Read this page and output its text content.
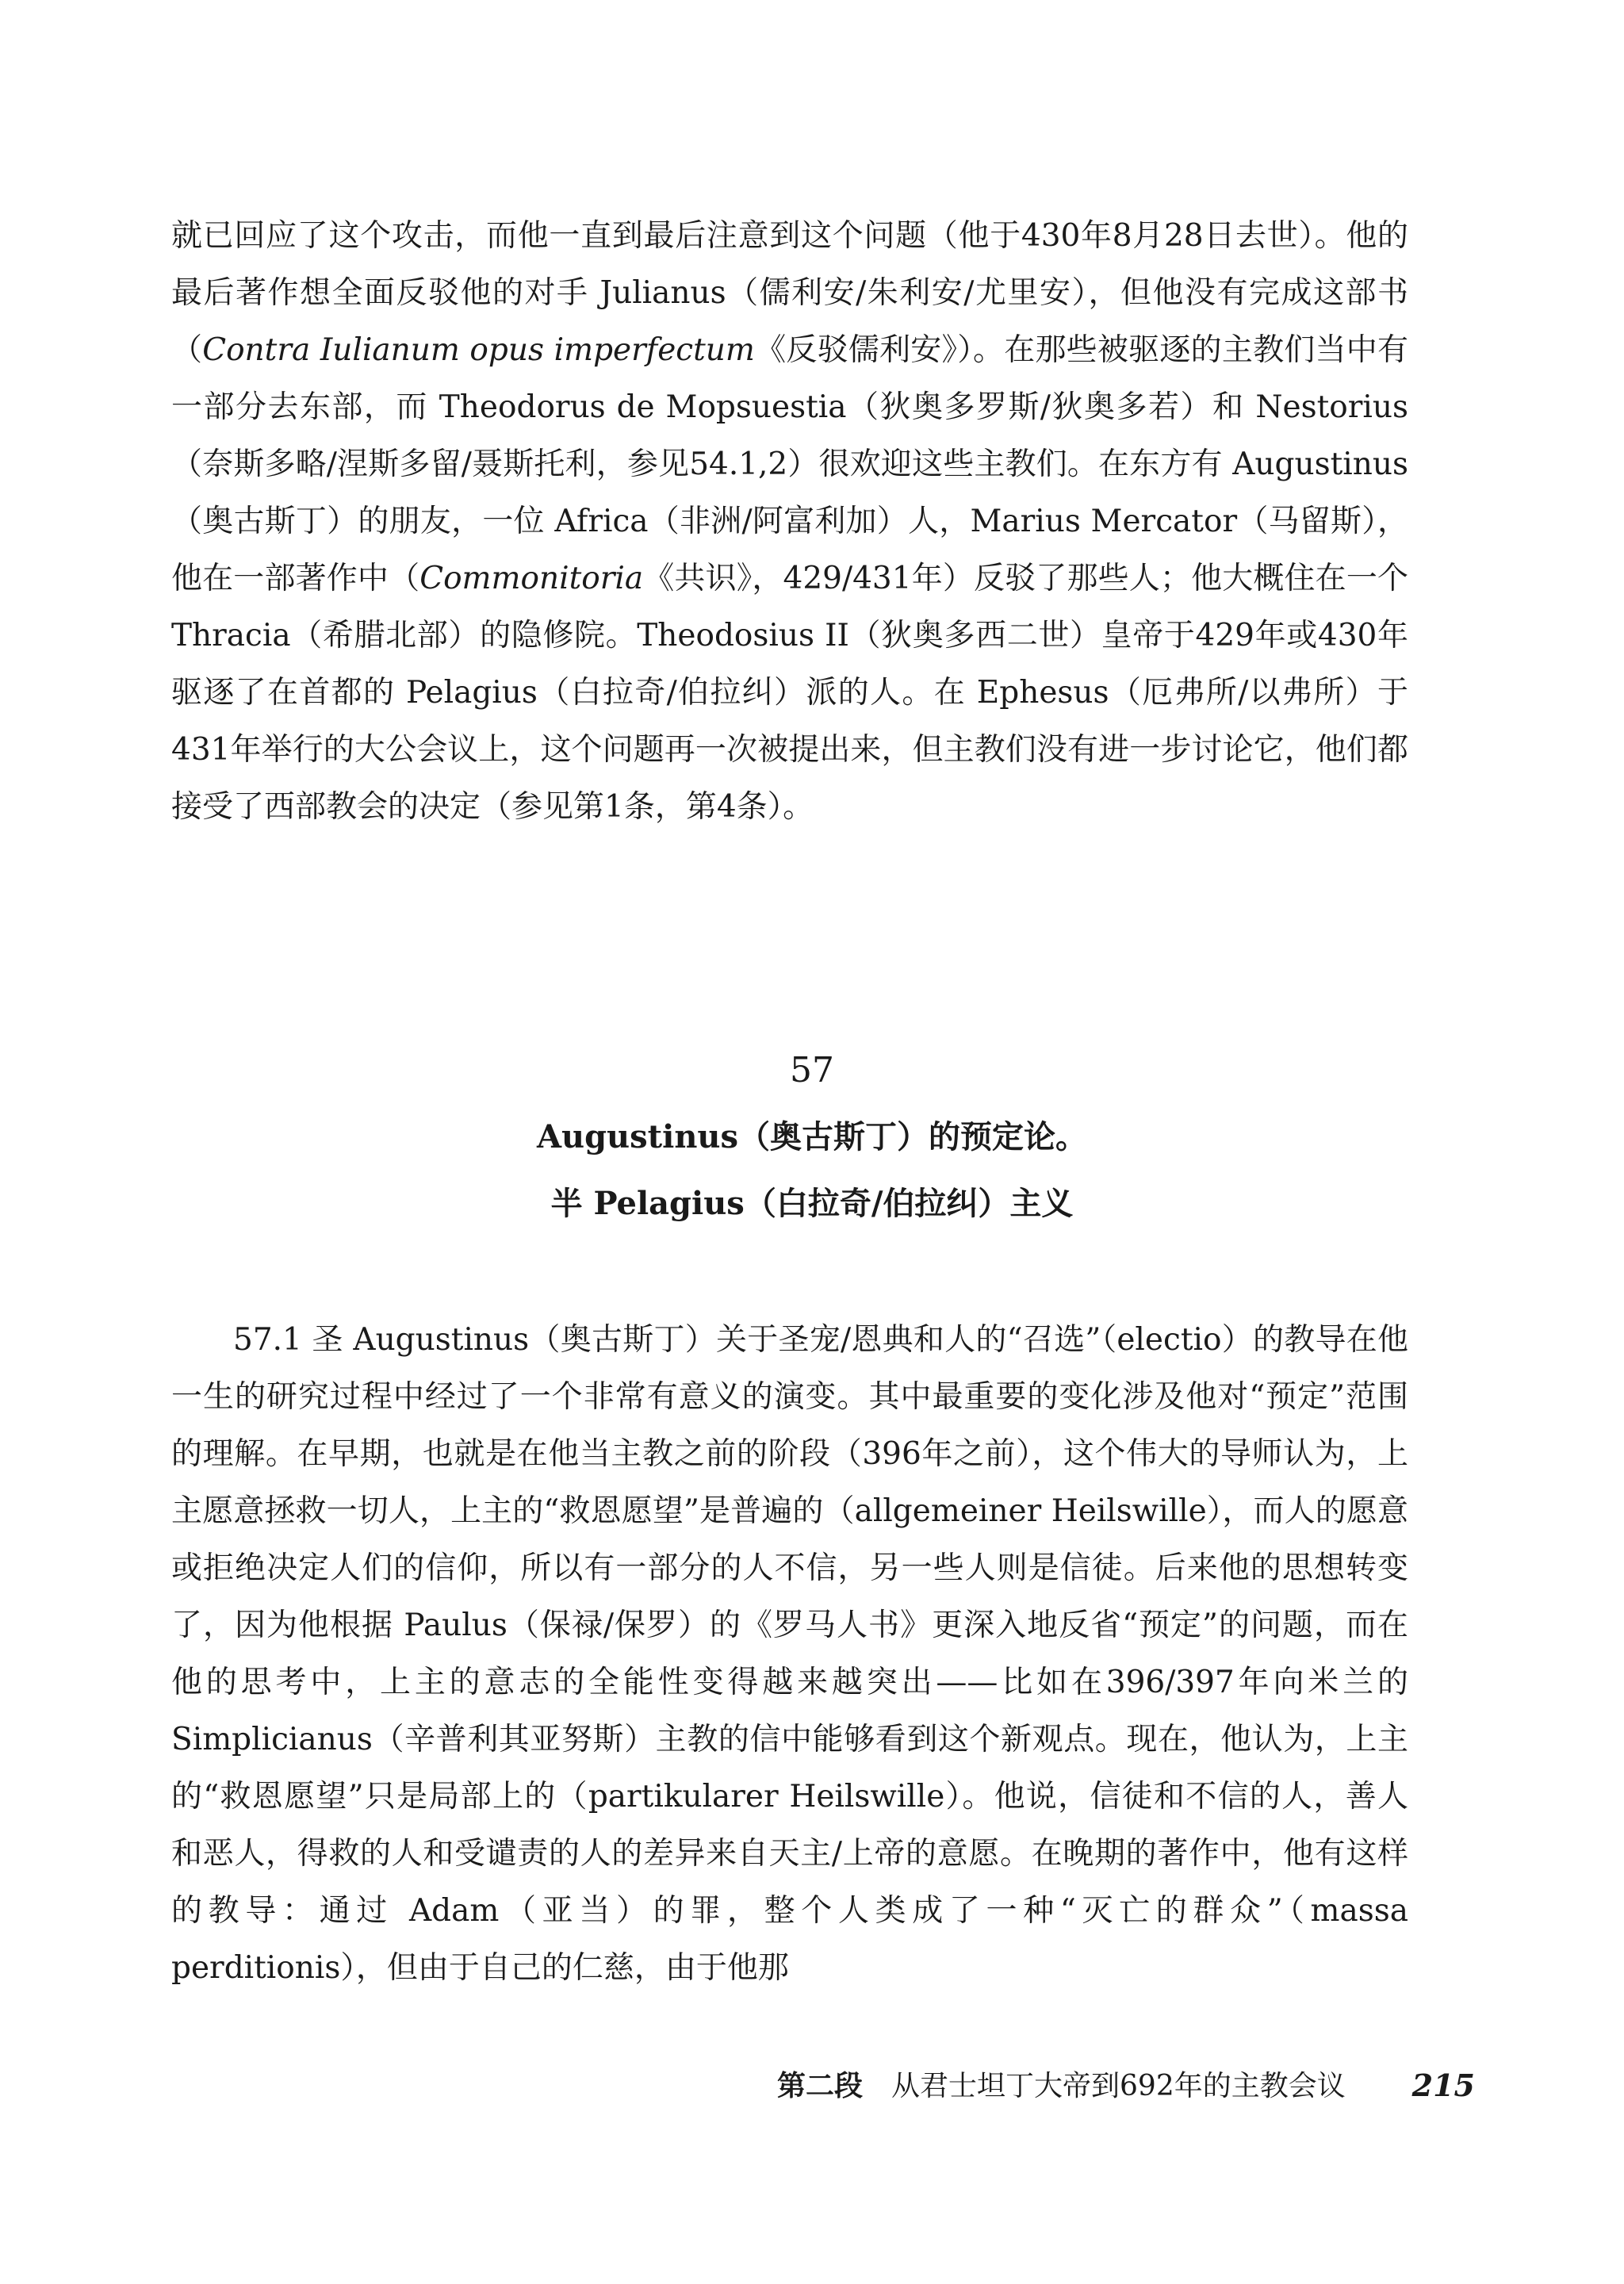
就已回应了这个攻击，而他一直到最后注意到这个问题（他于430年8月28日去世）。他的最后著作想全面反驳他的对手 Julianus（儒利安/朱利安/尤里安），但他没有完成这部书（Contra Iulianum opus imperfectum《反驳儒利安》）。在那些被驱逐的主教们当中有一部分去东部，而 Theodorus de Mopsuestia（狄奥多罗斯/狄奥多若）和 Nestorius（奈斯多略/涅斯多留/聂斯托利，参见54.1,2）很欢迎这些主教们。在东方有 Augustinus（奥古斯丁）的朋友，一位 Africa（非洲/阿富利加）人，Marius Mercator（马留斯），他在一部著作中（Commonitoria《共识》，429/431年）反驳了那些人；他大概住在一个 Thracia（希腊北部）的隐修院。Theodosius II（狄奥多西二世）皇帝于429年或430年驱逐了在首都的 Pelagius（白拉奇/伯拉纠）派的人。在 Ephesus（厄弗所/以弗所）于431年举行的大公会议上，这个问题再一次被提出来，但主教们没有进一步讨论它，他们都接受了西部教会的决定（参见第1条，第4条）。

57
Augustinus（奥古斯丁）的预定论。
半 Pelagius（白拉奇/伯拉纠）主义

57.1 圣 Augustinus（奥古斯丁）关于圣宠/恩典和人的“召选”（electio）的教导在他一生的研究过程中经过了一个非常有意义的演变。其中最重要的变化涉及他对“预定”范围的理解。在早期，也就是在他当主教之前的阶段（396年之前），这个伟大的导师认为，上主愿意拯救一切人，上主的“救恩愿望”是普遍的（allgemeiner Heilswille），而人的愿意或拒绝决定人们的信仰，所以有一部分的人不信，另一些人则是信徒。后来他的思想转变了，因为他根据 Paulus（保禄/保罗）的《罗马人书》更深入地反省“预定”的问题，而在他的思考中，上主的意志的全能性变得越来越突出——比如在396/397年向米兰的 Simplicianus（辛普利其亚努斯）主教的信中能够看到这个新观点。现在，他认为，上主的“救恩愿望”只是局部上的（partikularer Heilswille）。他说，信徒和不信的人，善人和恶人，得救的人和受谴责的人的差异来自天主/上帝的意愿。在晚期的著作中，他有这样的教导：通过 Adam（亚当）的罪，整个人类成了一种“灭亡的群众”（massa perditionis），但由于自己的仁慈，由于他那

第二段 从君士坦丁大帝到692年的主教会议 215
